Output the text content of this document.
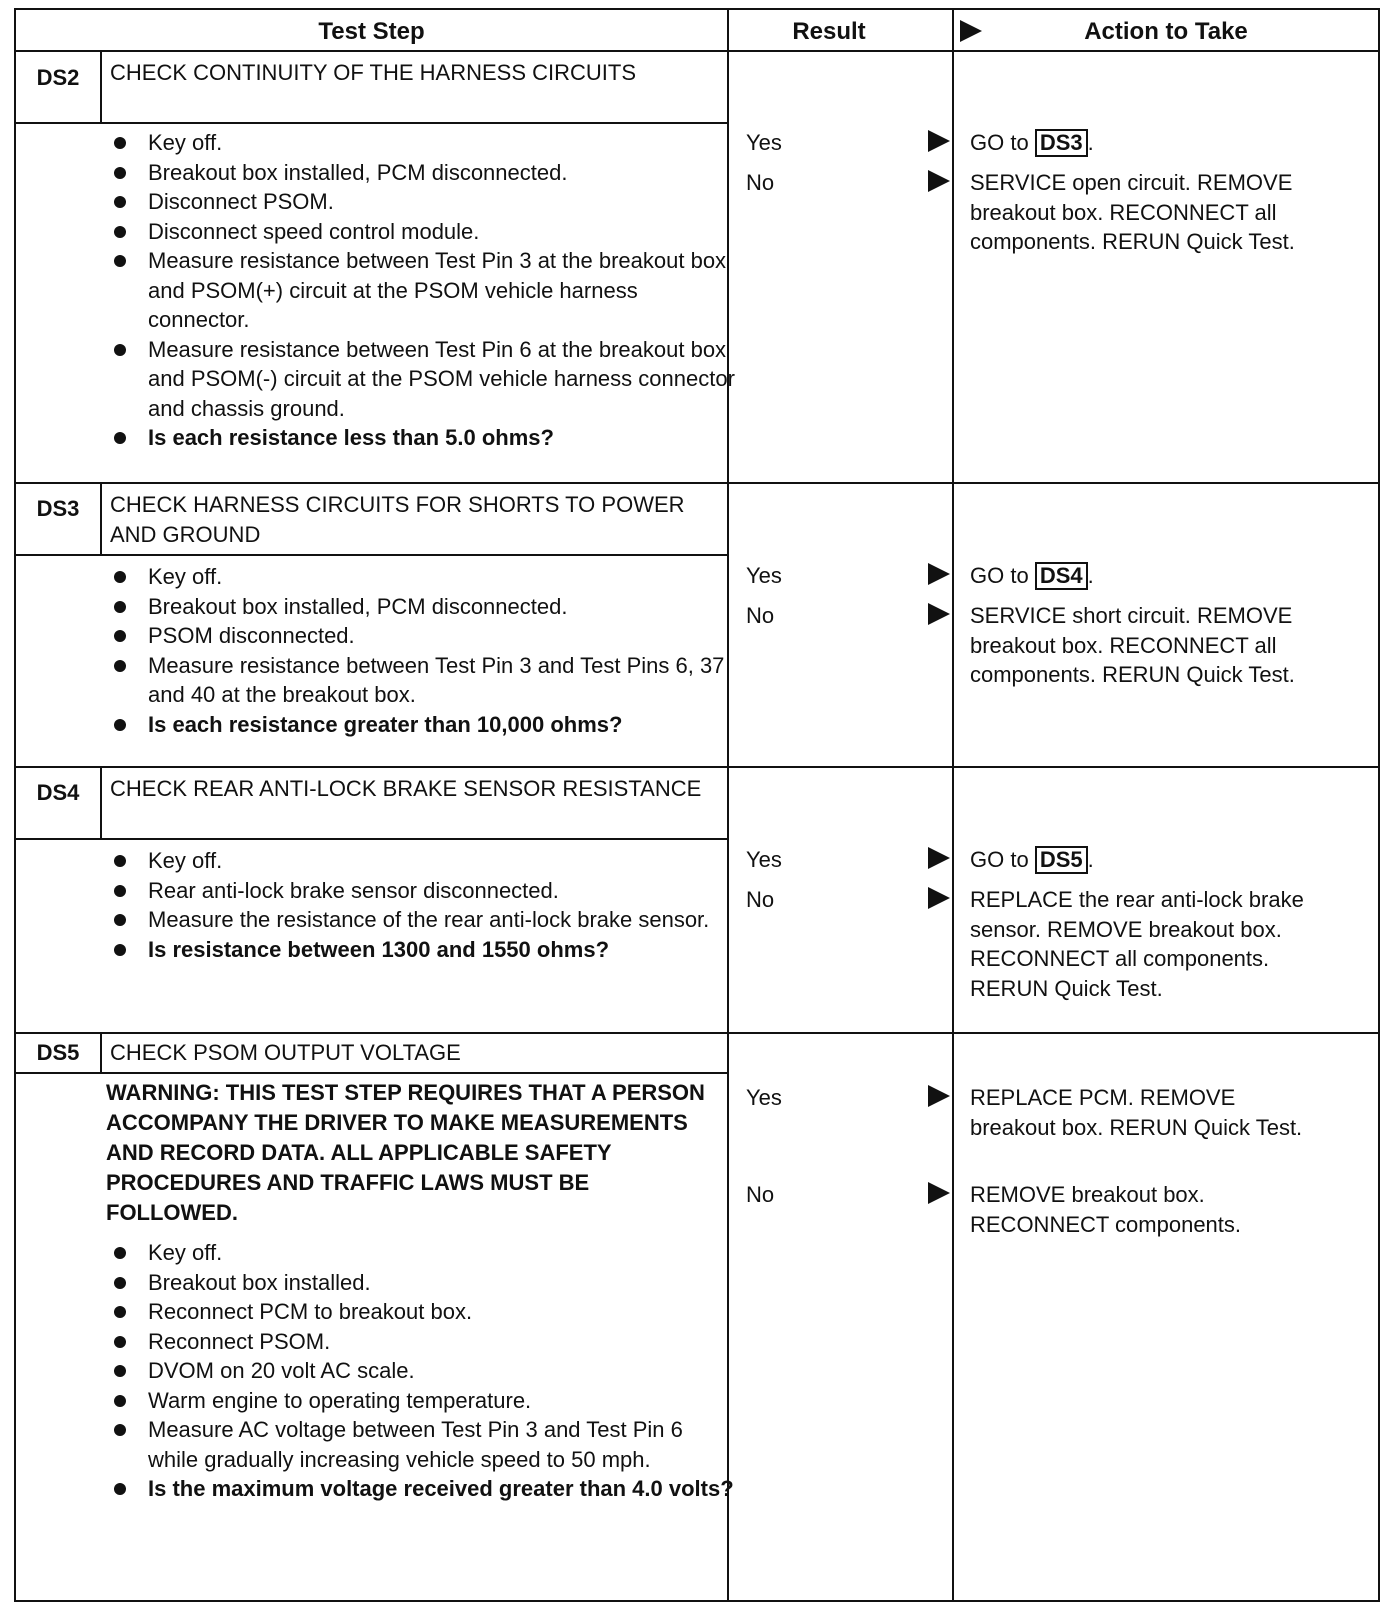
Test Step	Result	Action to Take
DS2	CHECK CONTINUITY OF THE HARNESS CIRCUITS
Key off.
Breakout box installed, PCM disconnected.
Disconnect PSOM.
Disconnect speed control module.
Measure resistance between Test Pin 3 at the breakout box and PSOM(+) circuit at the PSOM vehicle harness connector.
Measure resistance between Test Pin 6 at the breakout box and PSOM(-) circuit at the PSOM vehicle harness connector and chassis ground.
Is each resistance less than 5.0 ohms?
Yes	GO to DS3 .
No	SERVICE open circuit. REMOVE breakout box. RECONNECT all components. RERUN Quick Test.
DS3	CHECK HARNESS CIRCUITS FOR SHORTS TO POWER AND GROUND
Key off.
Breakout box installed, PCM disconnected.
PSOM disconnected.
Measure resistance between Test Pin 3 and Test Pins 6, 37 and 40 at the breakout box.
Is each resistance greater than 10,000 ohms?
Yes	GO to DS4 .
No	SERVICE short circuit. REMOVE breakout box. RECONNECT all components. RERUN Quick Test.
DS4	CHECK REAR ANTI-LOCK BRAKE SENSOR RESISTANCE
Key off.
Rear anti-lock brake sensor disconnected.
Measure the resistance of the rear anti-lock brake sensor.
Is resistance between 1300 and 1550 ohms?
Yes	GO to DS5 .
No	REPLACE the rear anti-lock brake sensor. REMOVE breakout box. RECONNECT all components. RERUN Quick Test.
DS5	CHECK PSOM OUTPUT VOLTAGE
WARNING: THIS TEST STEP REQUIRES THAT A PERSON ACCOMPANY THE DRIVER TO MAKE MEASUREMENTS AND RECORD DATA. ALL APPLICABLE SAFETY PROCEDURES AND TRAFFIC LAWS MUST BE FOLLOWED.
Key off.
Breakout box installed.
Reconnect PCM to breakout box.
Reconnect PSOM.
DVOM on 20 volt AC scale.
Warm engine to operating temperature.
Measure AC voltage between Test Pin 3 and Test Pin 6 while gradually increasing vehicle speed to 50 mph.
Is the maximum voltage received greater than 4.0 volts?
Yes	REPLACE PCM. REMOVE breakout box. RERUN Quick Test.
No	REMOVE breakout box. RECONNECT components.
